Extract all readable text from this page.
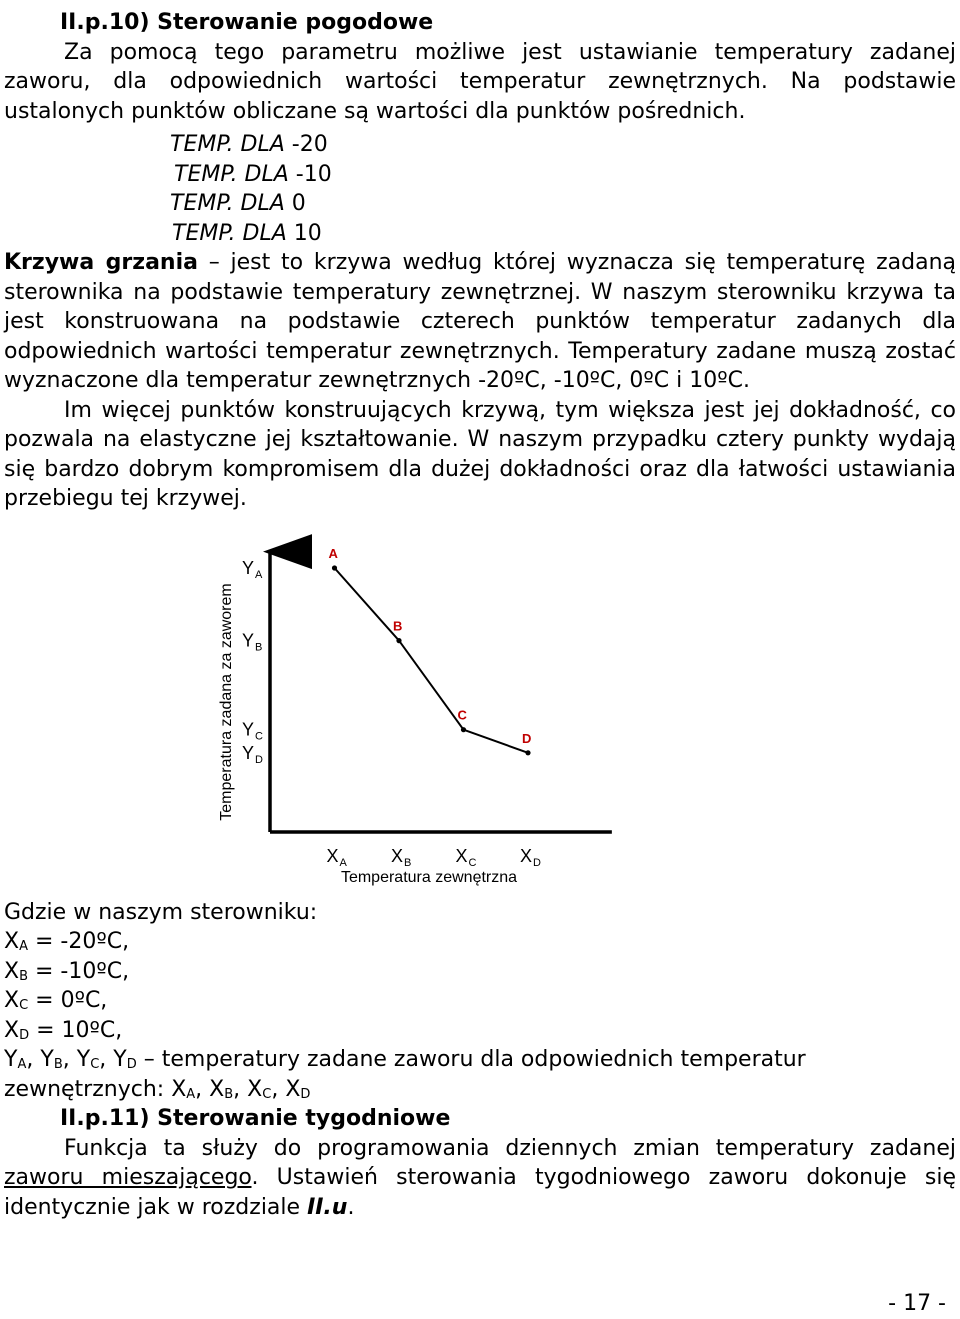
II.p.10) Sterowanie pogodowe

Za pomocą tego parametru możliwe jest ustawianie temperatury zadanej zaworu, dla odpowiednich wartości temperatur zewnętrznych. Na podstawie ustalonych punktów obliczane są wartości dla punktów pośrednich.

TEMP. DLA -20
TEMP. DLA -10
TEMP. DLA 0
TEMP. DLA 10

Krzywa grzania – jest to krzywa według której wyznacza się temperaturę zadaną sterownika na podstawie temperatury zewnętrznej. W naszym sterowniku krzywa ta jest konstruowana na podstawie czterech punktów temperatur zadanych dla odpowiednich wartości temperatur zewnętrznych. Temperatury zadane muszą zostać wyznaczone dla temperatur zewnętrznych -20ºC, -10ºC, 0ºC i 10ºC.

Im więcej punktów konstruujących krzywą, tym większa jest jej dokładność, co pozwala na elastyczne jej kształtowanie. W naszym przypadku cztery punkty wydają się bardzo dobrym kompromisem dla dużej dokładności oraz dla łatwości ustawiania przebiegu tej krzywej.

A
B
C
D
$X_A$ $X_B$ $X_C$ $X_D$
$Y_A$
$Y_B$
$Y_C$
$Y_D$
Temperatura zewnętrzna
Temperatura zadana za zaworem

Gdzie w naszym sterowniku:

$X_A$ = -20ºC,

$X_B$ = -10ºC,

$X_C$ = 0ºC,

$X_D$ = 10ºC,

$Y_A$, $Y_B$, $Y_C$, $Y_D$ – temperatury zadane zaworu dla odpowiednich temperatur zewnętrznych: $X_A$, $X_B$, $X_C$, $X_D$

II.p.11) Sterowanie tygodniowe

Funkcja ta służy do programowania dziennych zmian temperatury zadanej zaworu mieszającego. Ustawień sterowania tygodniowego zaworu dokonuje się identycznie jak w rozdziale II.u.

- 17 -
